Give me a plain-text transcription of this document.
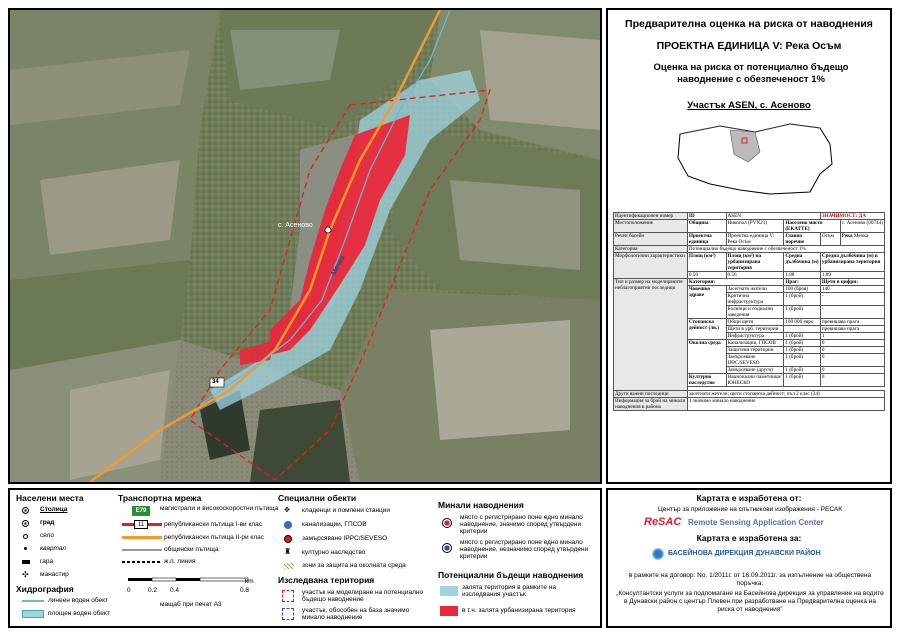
с. Асеново
Мечка
34
Предварителна оценка на риска от наводнения
ПРОЕКТНА ЕДИНИЦА V: Река Осъм
Оценка на риска от потенциално бъдещо наводнение с обезпеченост 1%
Участък ASEN, с. Асеново
Идентификационен номер	ID	ASEN		ЗНАЧИМОСТ: ДА	
Местоположение	Община	Никопол (PVN21)	Населено място (ЕКАТТЕ)		с. Асеново (00744)
Речен басейн	Проектна единица	Проектна единица V: Река Осъм	Главно поречие	Осъм	Река Мечка
Категория	Потенциално бъдещо наводнение с обезпеченост 1%				
Морфологични характеристики	Площ (км²)	Площ (км²) на урбанизирана територия	Средна дълбочина (м)	Средна дълбочина (м) в урбанизирана територия	
	0.56	0.56	1.88	1.89	
Тип и размер на моделираните неблагоприятни последици	Категория:		Праг:	Щети в цифри:	
	Човешко здраве	Засегнати жители	100 (броя)	140	
		Критична инфраструктура	1 (брой)	-	
		Болници и социални заведения	1 (брой)	-	
	Стопанска дейност (лв.)	Общи щети	100 000 евро	превишава прага	
		Щети в урб. територии		превишава прага	
		Инфраструктура	1 (брой)	1	
	Околна среда	Канализация, ГПСОВ	1 (брой)	0	
		Защитени територии	1 (брой)	0	
		Замърсяване IPPC/SEVESO	1 (брой)	0	
		Замърсяване (други)	1 (брой)	0	
	Културно наследство	Национални паметници/ЮНЕСКО	1 (брой)	0	

Други важни последици	засегнати жители; щети стопанска дейност; пъл 2 клас (34)				
Информация за брой на минали наводнения в района	1 значимо минало наводнение				
Населени места
Столица
град
село
квартал
гара
✣ манастир
Хидрография
линеен воден обект
площен воден обект
Транспортна мрежа
E79	магистрали и високоскоростни пътища
11	републикански пътища I-ви клас
републикански пътища II-ри клас
общински пътища
ж.п. линия
0	0.2 0.4	0.8
km
мащаб при печат A3
Специални обекти
✥ кладенци и помпени станции
канализации, ГПСОВ
замърсяване IPPC/SEVESO
♜ културно наследство
зони за защита на околната среда
Изследвана територия
участък на моделиране на потенциално бъдещо наводнение
участък, обособен на база значимо минало наводнение
Минали наводнения
място с регистрирано поне едно минало наводнение, значимо според утвърдени критерии
място с регистрирано поне едно минало наводнение, незначимо според утвърдени критерии
Потенциални бъдещи наводнения
залята територия в рамките на изследвания участък
в т.ч. залята урбанизирана територия
Картата е изработена от:
Център за приложение на спътникови изображения - РЕСАК
ReSAC Remote Sensing Application Center
Картата е изработена за:
БАСЕЙНОВА ДИРЕКЦИЯ ДУНАВСКИ РАЙОН
в рамките на договор: No. 1/2011г. от 16.09.2011г. за изпълнение на обществена поръчка:
„Консултантски услуги за подпомагане на Басейнова дирекция за управление на водите в Дунавски район с център Плевен при разработване на Предварителна оценка на риска от наводнения"
